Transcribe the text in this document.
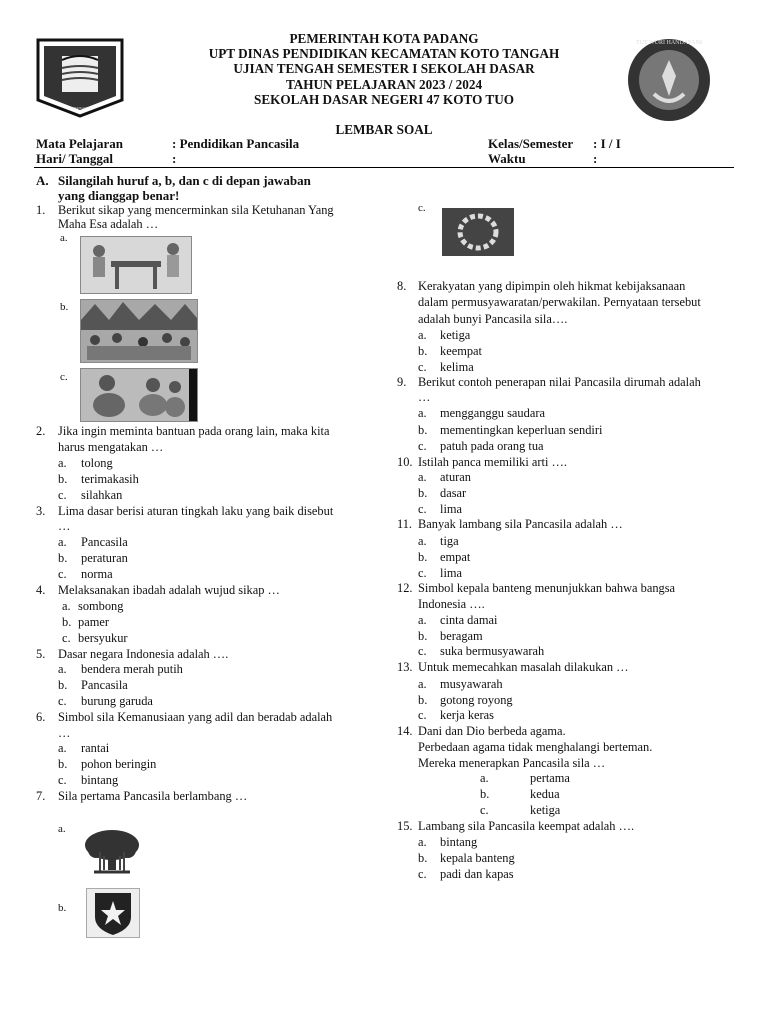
PADANG KOTA
TUT WURI HANDAYANI
PEMERINTAH KOTA PADANG
UPT DINAS PENDIDIKAN KECAMATAN KOTO TANGAH
UJIAN TENGAH SEMESTER I SEKOLAH DASAR
TAHUN PELAJARAN 2023 / 2024
SEKOLAH DASAR NEGERI 47 KOTO TUO
LEMBAR SOAL
Mata Pelajaran	: Pendidikan Pancasila
Hari/ Tanggal	:
Kelas/Semester : I / I
Waktu	:
A. Silangilah huruf a, b, dan c di depan jawaban
yang dianggap benar!
1. Berikut sikap yang mencerminkan sila Ketuhanan Yang
Maha Esa adalah …
a.
b.
c.
2. Jika ingin meminta bantuan pada orang lain, maka kita
harus mengatakan …
a. tolong
b. terimakasih
c. silahkan
3. Lima dasar berisi aturan tingkah laku yang baik disebut
…
a. Pancasila
b. peraturan
c. norma
4. Melaksanakan ibadah adalah wujud sikap …
a. sombong
b. pamer
c. bersyukur
5. Dasar negara Indonesia adalah ….
a. bendera merah putih
b. Pancasila
c. burung garuda
6. Simbol sila Kemanusiaan yang adil dan beradab adalah
…
a. rantai
b. pohon beringin
c. bintang
7. Sila pertama Pancasila berlambang …
a.
b.
c.
8. Kerakyatan yang dipimpin oleh hikmat kebijaksanaan
dalam permusyawaratan/perwakilan. Pernyataan tersebut
adalah bunyi Pancasila sila….
a. ketiga
b. keempat
c. kelima
9. Berikut contoh penerapan nilai Pancasila dirumah adalah
…
a. mengganggu saudara
b. mementingkan keperluan sendiri
c. patuh pada orang tua
10. Istilah panca memiliki arti ….
a. aturan
b. dasar
c. lima
11. Banyak lambang sila Pancasila adalah …
a. tiga
b. empat
c. lima
12. Simbol kepala banteng menunjukkan bahwa bangsa
Indonesia ….
a. cinta damai
b. beragam
c. suka bermusyawarah
13. Untuk memecahkan masalah dilakukan …
a. musyawarah
b. gotong royong
c. kerja keras
14. Dani dan Dio berbeda agama.
Perbedaan agama tidak menghalangi berteman.
Mereka menerapkan Pancasila sila …
a.	pertama
b.	kedua
c.	ketiga
15. Lambang sila Pancasila keempat adalah ….
a. bintang
b. kepala banteng
c. padi dan kapas
